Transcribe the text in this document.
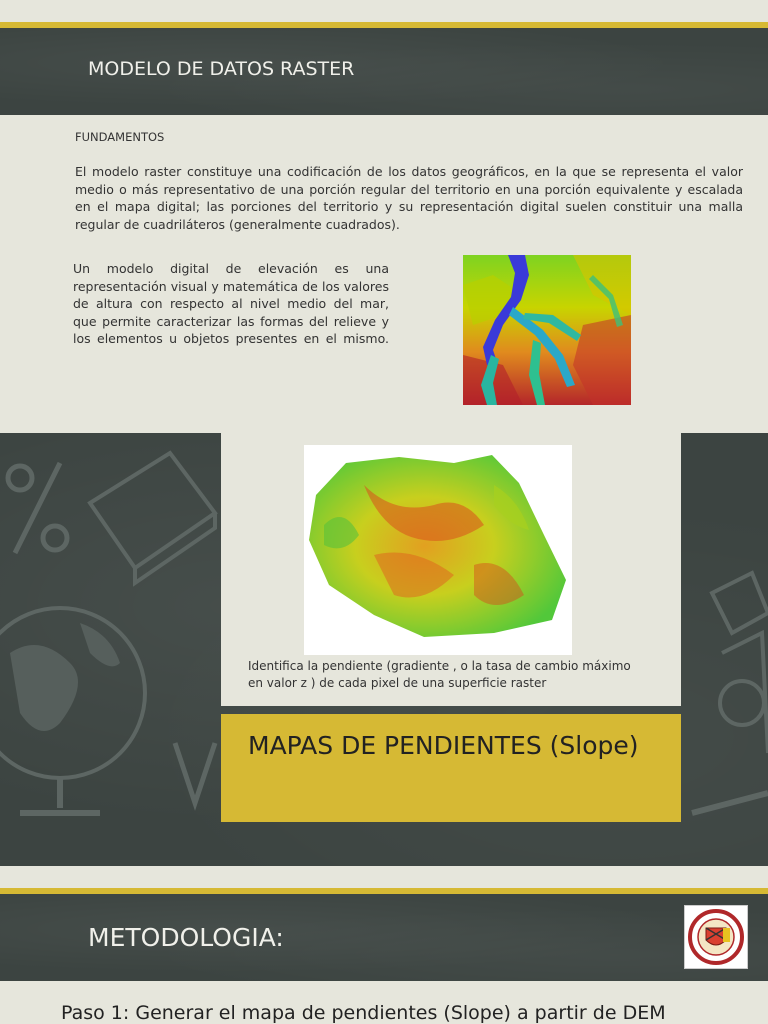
MODELO DE DATOS RASTER
FUNDAMENTOS
El modelo raster constituye una codificación de los datos geográficos, en la que se representa el valor medio o más representativo de una porción regular del territorio en una porción equivalente y escalada en el mapa digital; las porciones del territorio y su representación digital suelen constituir una malla regular de cuadriláteros (generalmente cuadrados).
Un modelo digital de elevación es una representación visual y matemática de los valores de altura con respecto al nivel medio del mar, que permite caracterizar las formas del relieve y los elementos u objetos presentes en el mismo.
Identifica la pendiente (gradiente , o la tasa de cambio máximo en valor z ) de cada pixel de una superficie raster
MAPAS DE PENDIENTES (Slope)
METODOLOGIA:
Paso 1: Generar el mapa de pendientes (Slope) a partir de DEM
